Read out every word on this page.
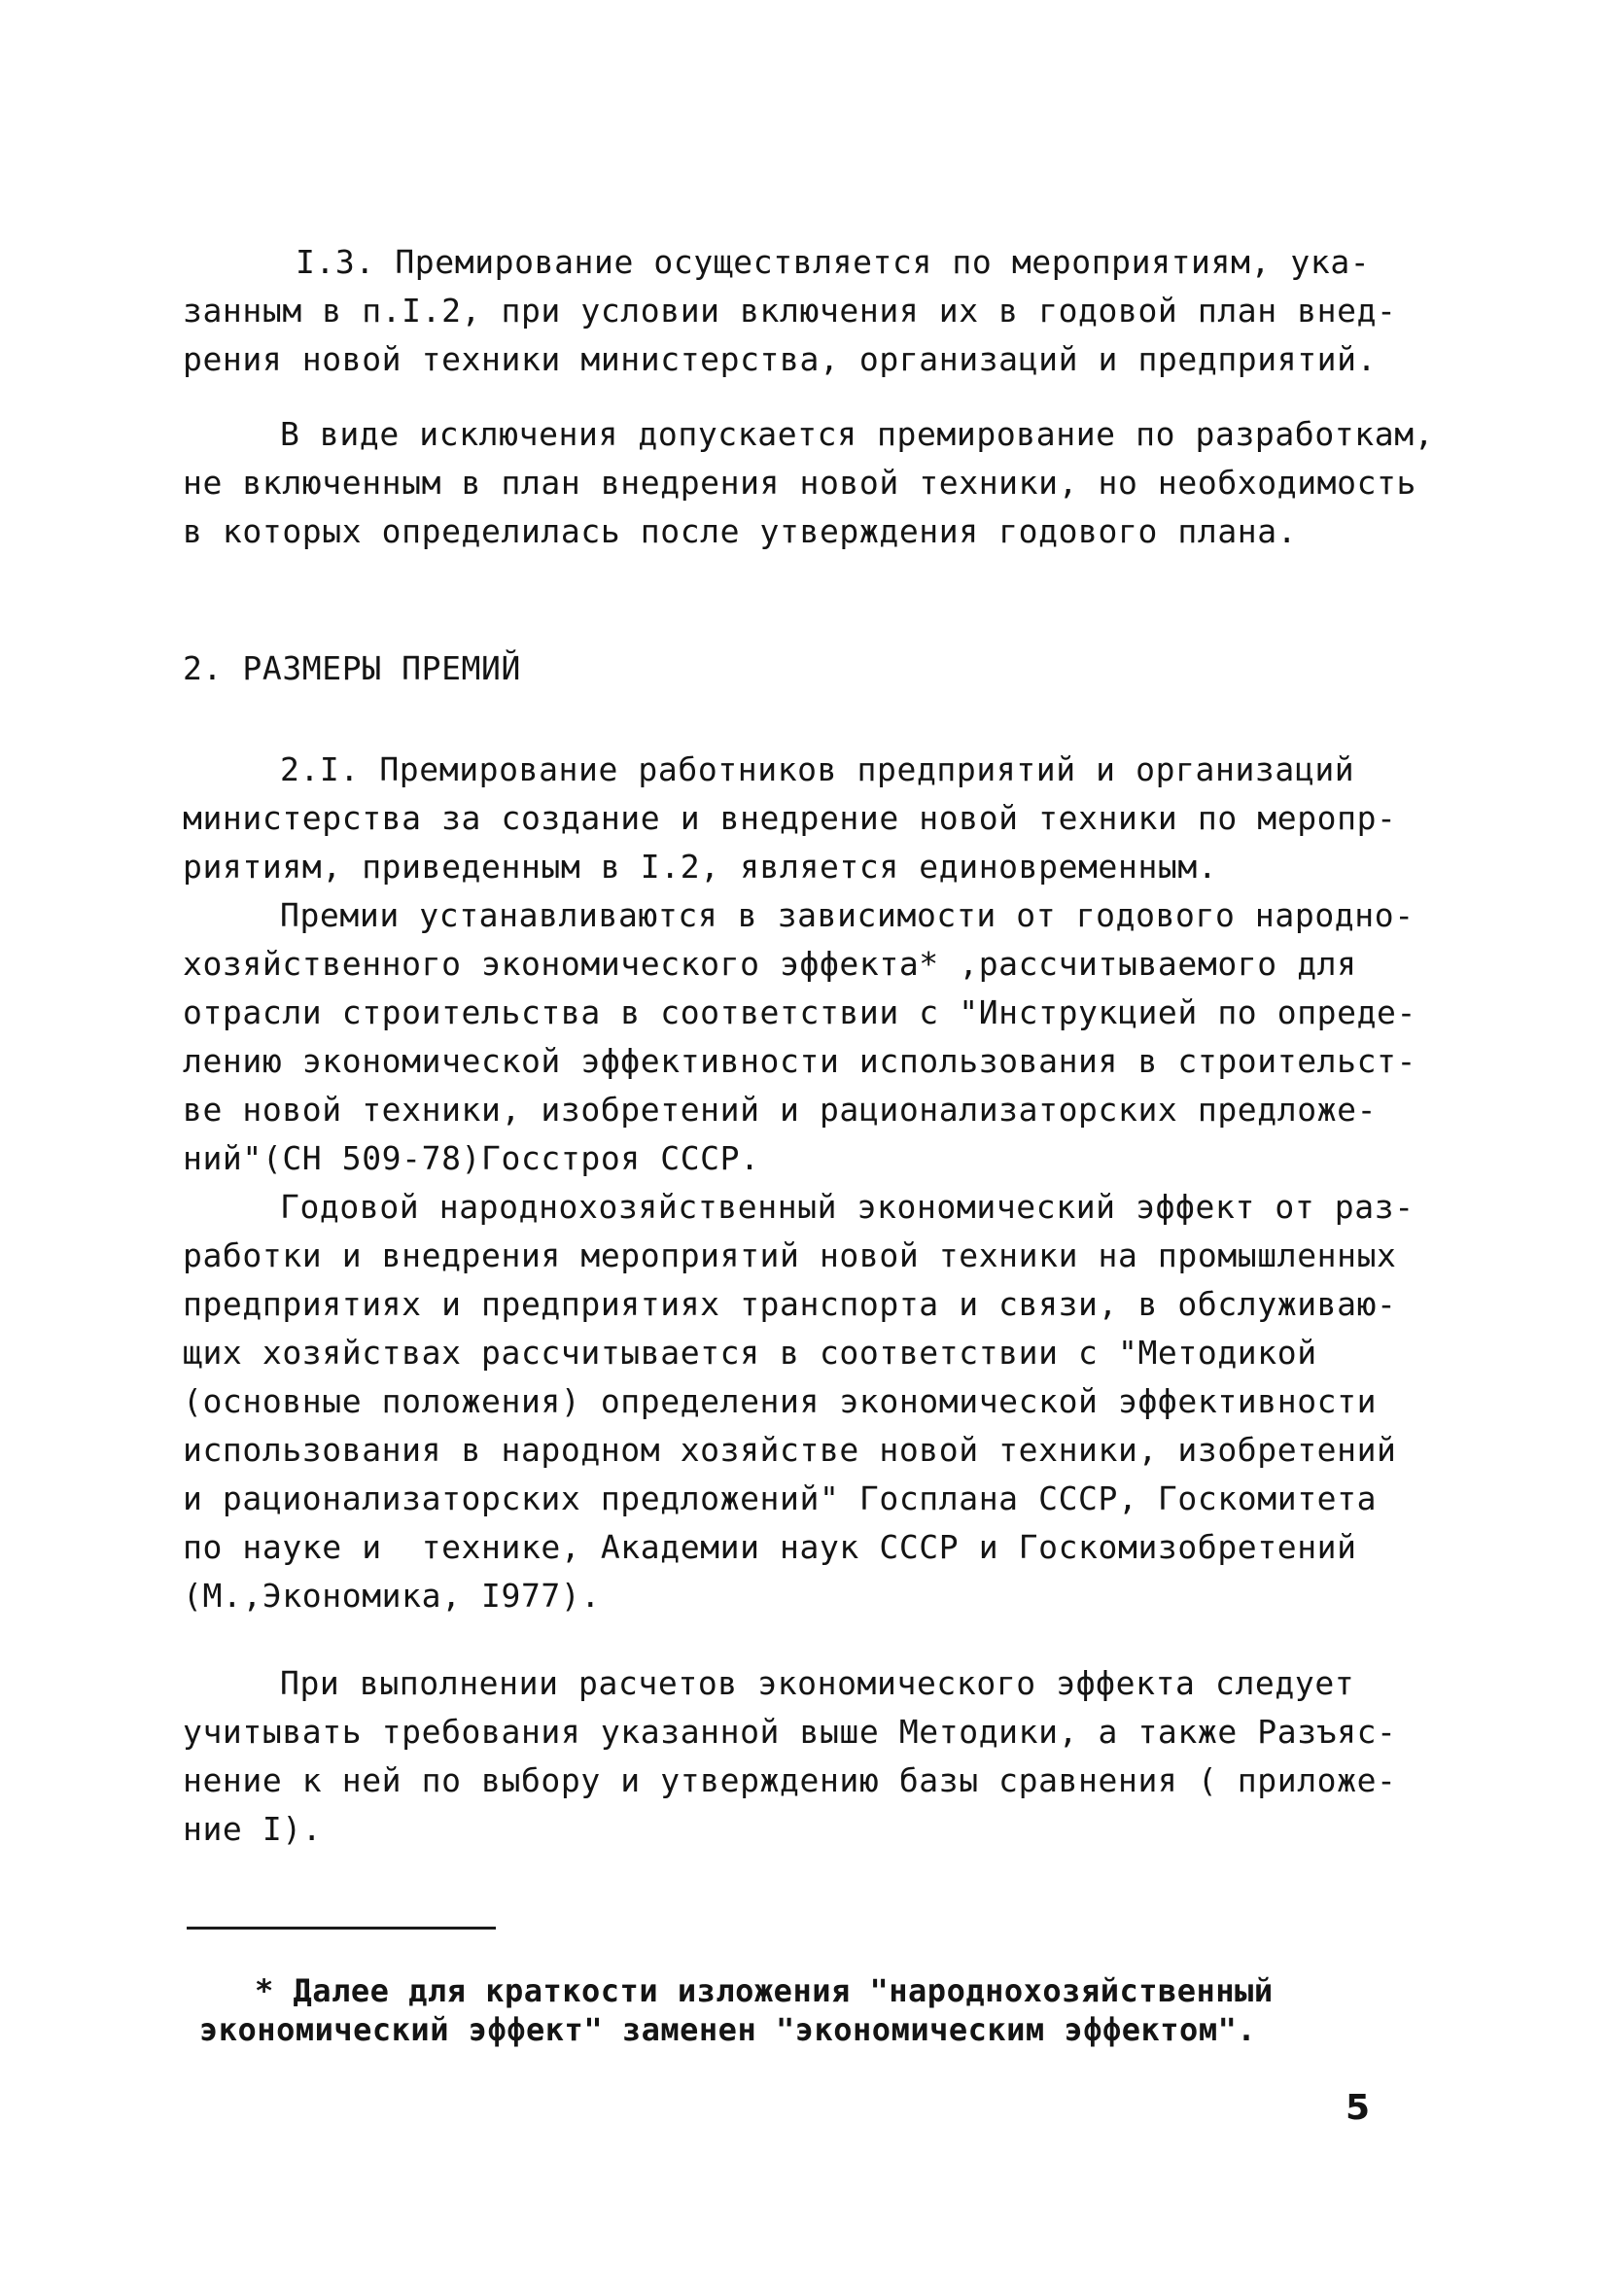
I.3. Премирование осуществляется по мероприятиям, ука-
занным в п.I.2, при условии включения их в годовой план внед-
рения новой техники министерства, организаций и предприятий.
В виде исключения допускается премирование по разработкам,
не включенным в план внедрения новой техники, но необходимость
в которых определилась после утверждения годового плана.
2. РАЗМЕРЫ ПРЕМИЙ
2.I. Премирование работников предприятий и организаций
министерства за создание и внедрение новой техники по меропр-
риятиям, приведенным в I.2, является единовременным.
Премии устанавливаются в зависимости от годового народно-
хозяйственного экономического эффекта* ,рассчитываемого для
отрасли строительства в соответствии с "Инструкцией по опреде-
лению экономической эффективности использования в строительст-
ве новой техники, изобретений и рационализаторских предложе-
ний"(СН 509-78)Госстроя СССР.
Годовой народнохозяйственный экономический эффект от раз-
работки и внедрения мероприятий новой техники на промышленных
предприятиях и предприятиях транспорта и связи, в обслуживаю-
щих хозяйствах рассчитывается в соответствии с "Методикой
(основные положения) определения экономической эффективности
использования в народном хозяйстве новой техники, изобретений
и рационализаторских предложений" Госплана СССР, Госкомитета
по науке и  технике, Академии наук СССР и Госкомизобретений
(М.,Экономика, I977).
При выполнении расчетов экономического эффекта следует
учитывать требования указанной выше Методики, а также Разъяс-
нение к ней по выбору и утверждению базы сравнения ( приложе-
ние I).
* Далее для краткости изложения "народнохозяйственный
экономический эффект" заменен "экономическим эффектом".
5
